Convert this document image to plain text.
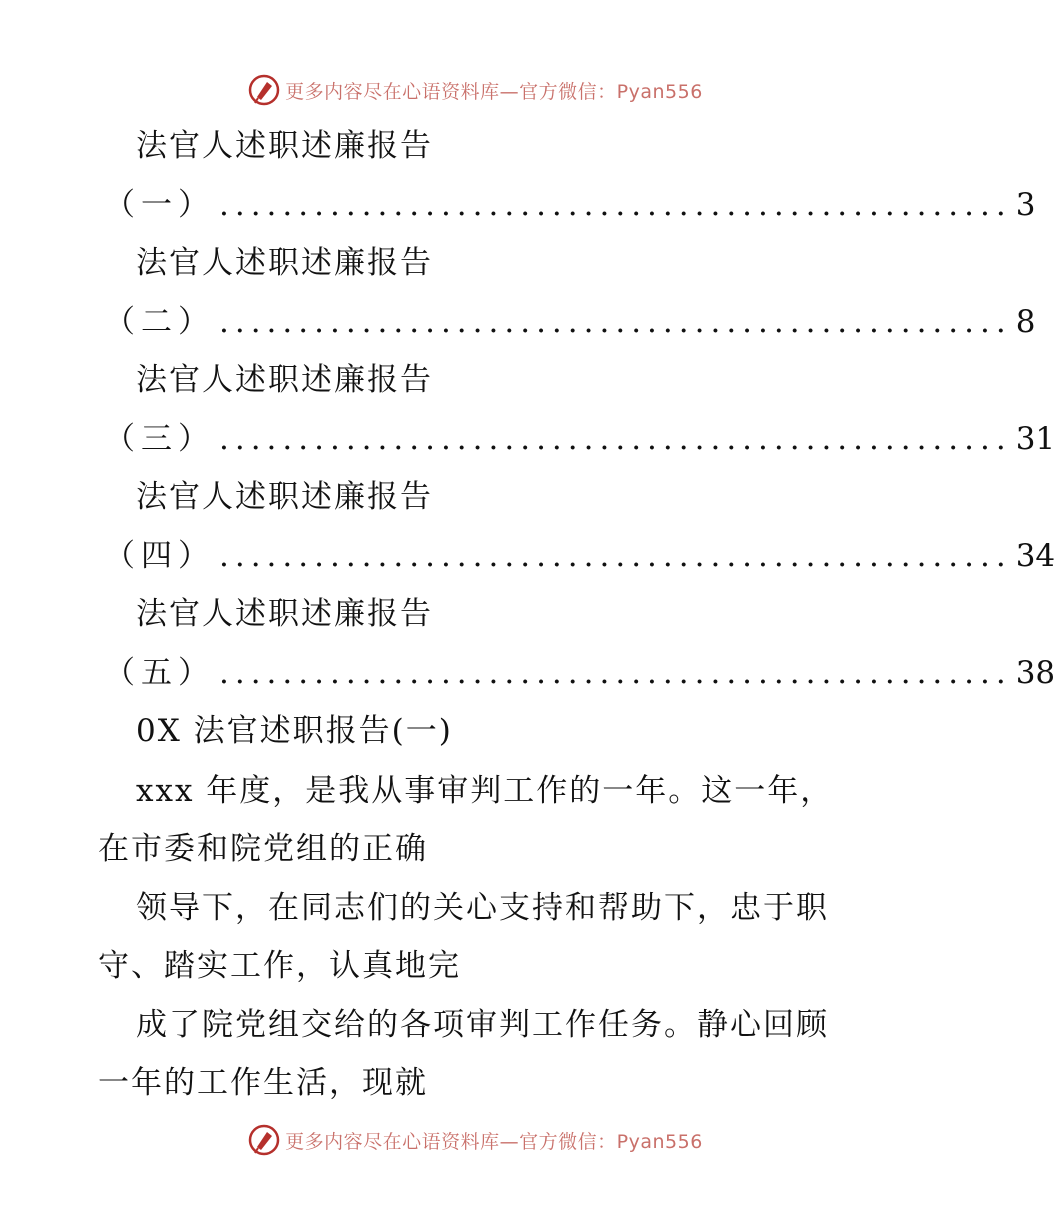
更多内容尽在心语资料库—官方微信：Pyan556
法官人述职述廉报告
（一） .................................................. 3
法官人述职述廉报告
（二） .................................................. 8
法官人述职述廉报告
（三） .................................................. 31
法官人述职述廉报告
（四） .................................................. 34
法官人述职述廉报告
（五） .................................................. 38
0X 法官述职报告(一)
xxx 年度，是我从事审判工作的一年。这一年，
在市委和院党组的正确
领导下，在同志们的关心支持和帮助下，忠于职
守、踏实工作，认真地完
成了院党组交给的各项审判工作任务。静心回顾
一年的工作生活，现就
更多内容尽在心语资料库—官方微信：Pyan556
